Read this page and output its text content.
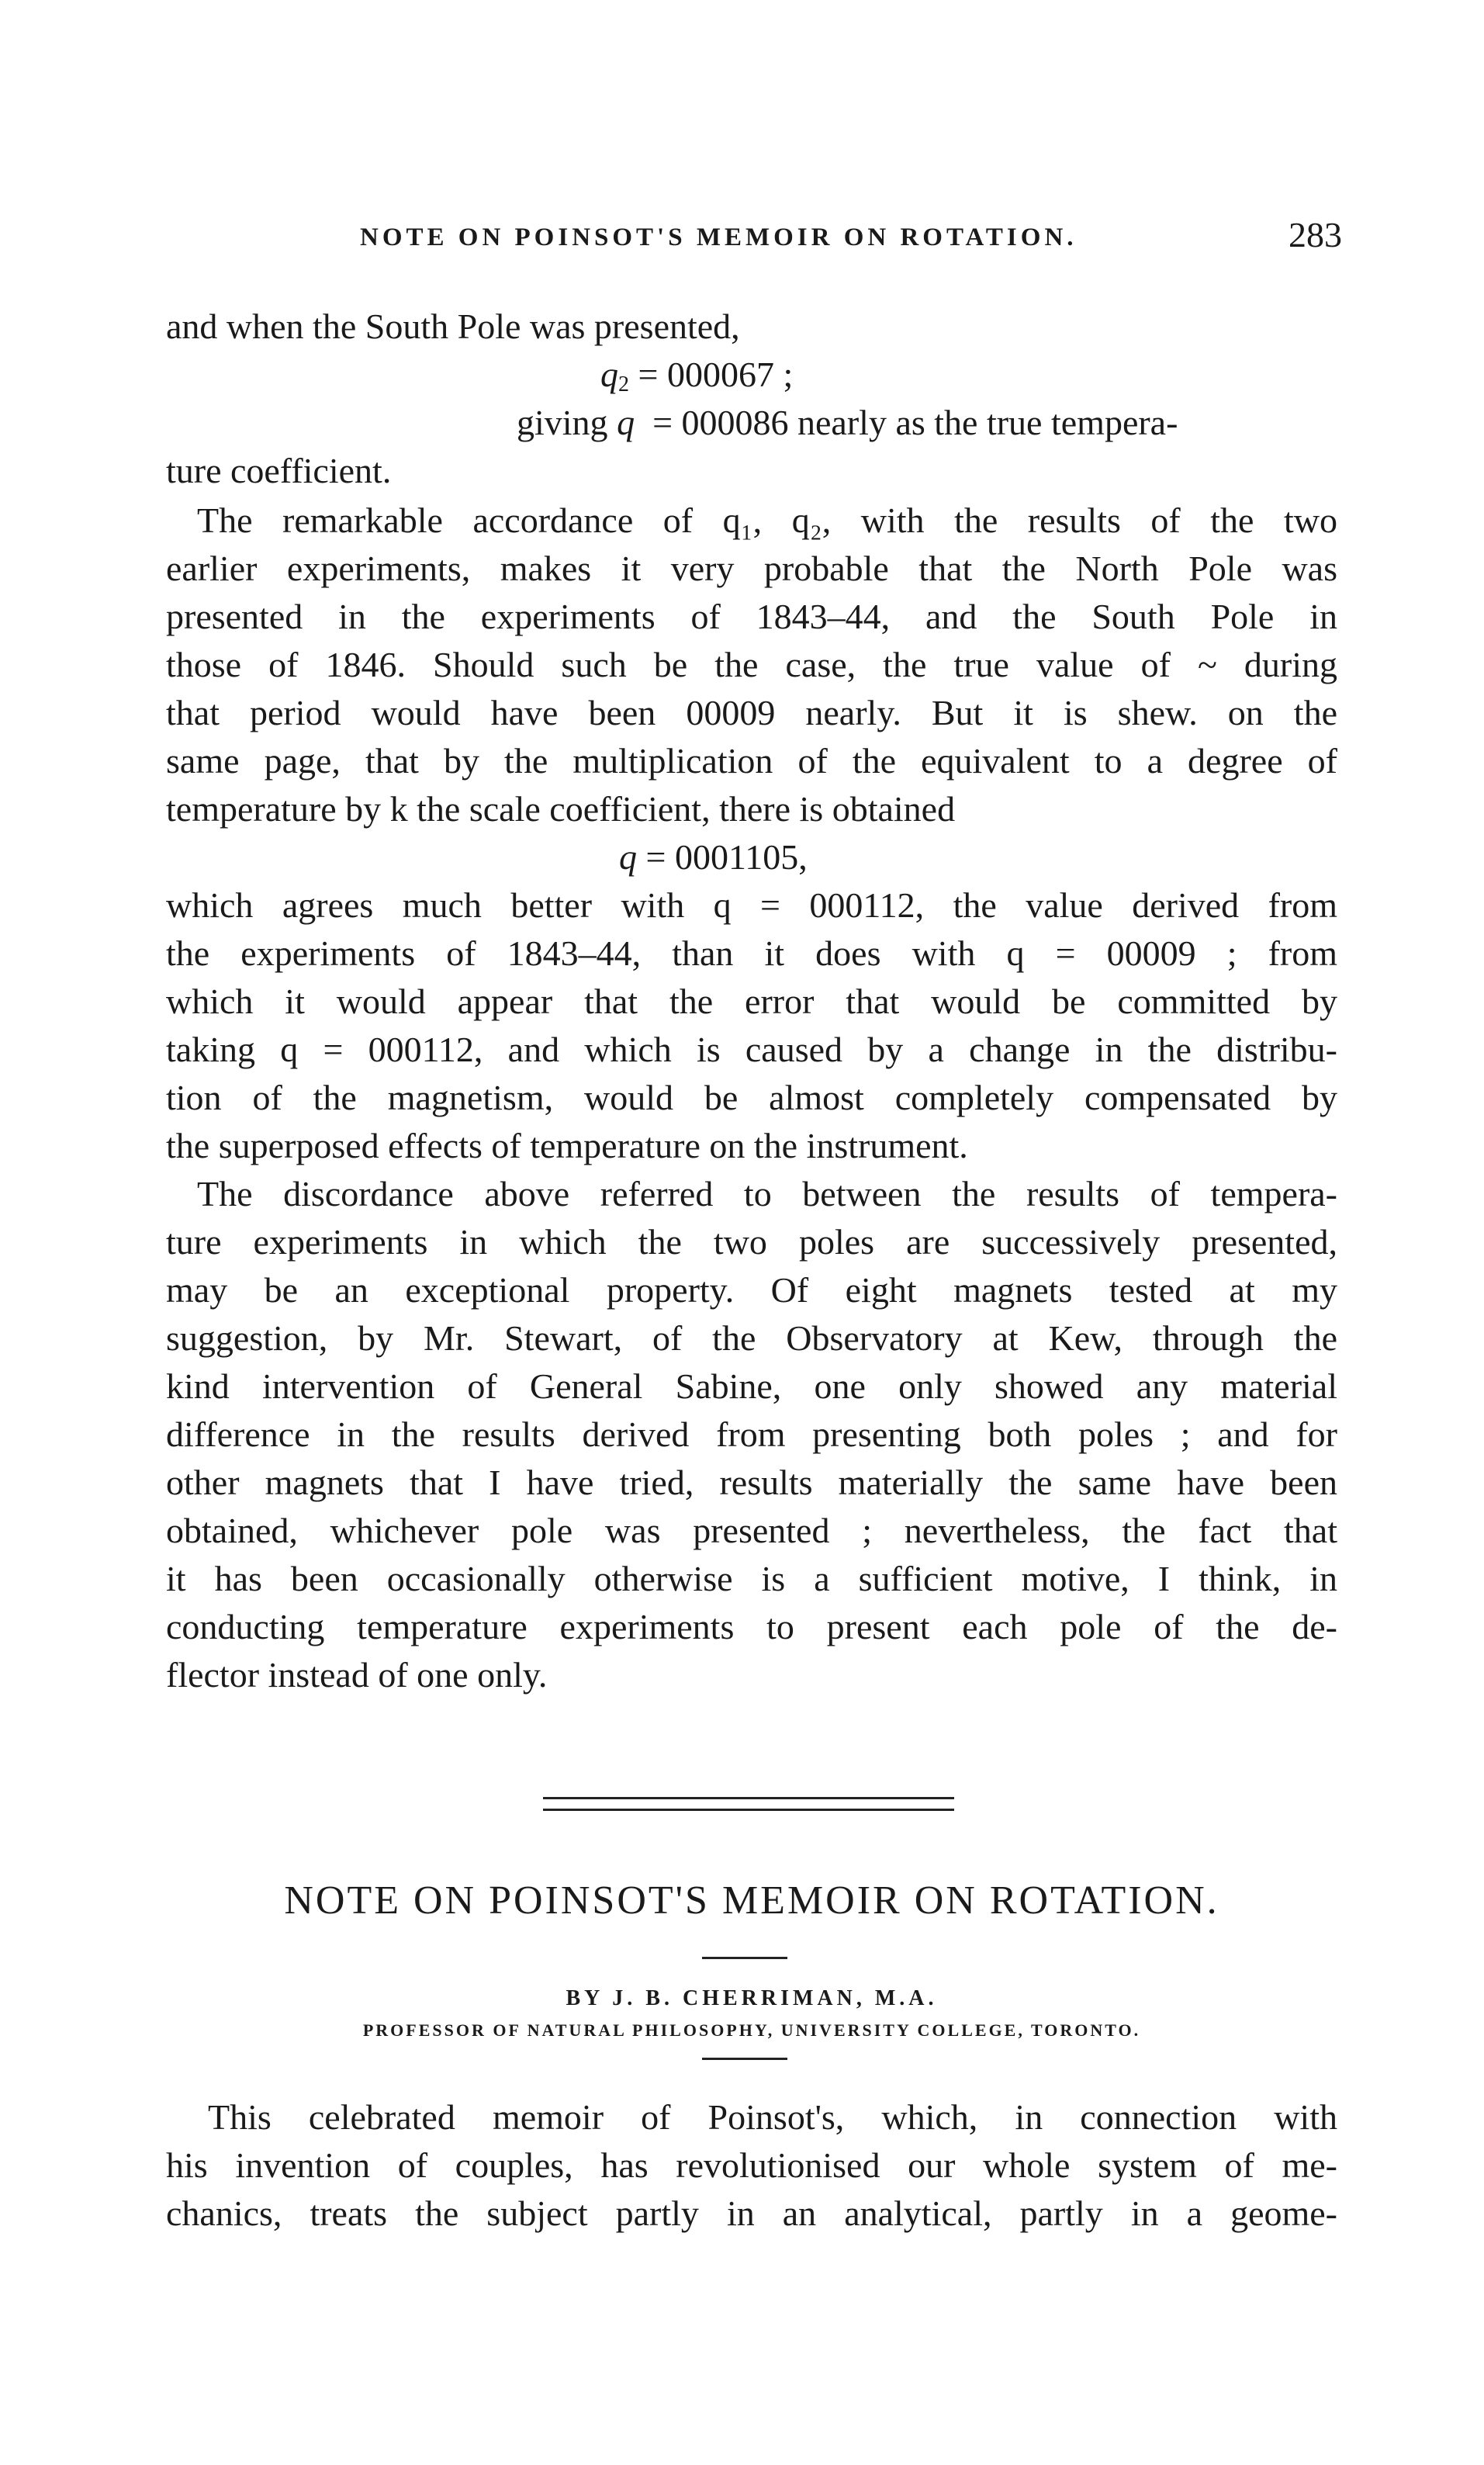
NOTE ON POINSOT'S MEMOIR ON ROTATION.	283
and when the South Pole was presented,
$q_2 = 000067$ ;
giving q  = 000086 nearly as the true tempera-
ture coefficient.
The remarkable accordance of q₁, q₂, with the results of the two
earlier experiments, makes it very probable that the North Pole was
presented in the experiments of 1843–44, and the South Pole in
those of 1846. Should such be the case, the true value of ~ during
that period would have been 00009 nearly. But it is shew. on the
same page, that by the multiplication of the equivalent to a degree of
temperature by k the scale coefficient, there is obtained
q = 0001105,
which agrees much better with q = 000112, the value derived from
the experiments of 1843–44, than it does with q = 00009 ; from
which it would appear that the error that would be committed by
taking q = 000112, and which is caused by a change in the distribu-
tion of the magnetism, would be almost completely compensated by
the superposed effects of temperature on the instrument.
The discordance above referred to between the results of tempera-
ture experiments in which the two poles are successively presented,
may be an exceptional property. Of eight magnets tested at my
suggestion, by Mr. Stewart, of the Observatory at Kew, through the
kind intervention of General Sabine, one only showed any material
difference in the results derived from presenting both poles ; and for
other magnets that I have tried, results materially the same have been
obtained, whichever pole was presented ; nevertheless, the fact that
it has been occasionally otherwise is a sufficient motive, I think, in
conducting temperature experiments to present each pole of the de-
flector instead of one only.
NOTE ON POINSOT'S MEMOIR ON ROTATION.
BY J. B. CHERRIMAN, M.A.
PROFESSOR OF NATURAL PHILOSOPHY, UNIVERSITY COLLEGE, TORONTO.
This celebrated memoir of Poinsot's, which, in connection with
his invention of couples, has revolutionised our whole system of me-
chanics, treats the subject partly in an analytical, partly in a geome-
